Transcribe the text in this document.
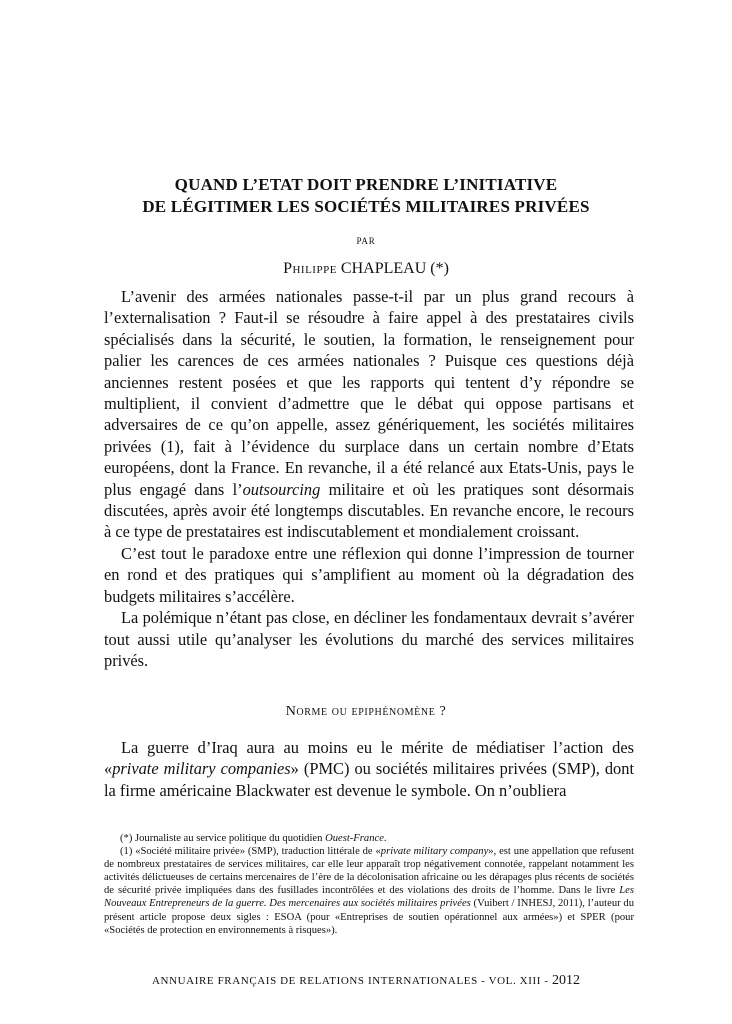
QUAND L’ETAT DOIT PRENDRE L’INITIATIVE
DE LÉGITIMER LES SOCIÉTÉS MILITAIRES PRIVÉES
PAR
Philippe CHAPLEAU (*)

L’avenir des armées nationales passe-t-il par un plus grand recours à l’externalisation ? Faut-il se résoudre à faire appel à des prestataires civils spécialisés dans la sécurité, le soutien, la formation, le renseignement pour palier les carences de ces armées nationales ? Puisque ces questions déjà anciennes restent posées et que les rapports qui tentent d’y répondre se multiplient, il convient d’admettre que le débat qui oppose partisans et adversaires de ce qu’on appelle, assez génériquement, les sociétés militaires privées (1), fait à l’évidence du surplace dans un certain nombre d’Etats européens, dont la France. En revanche, il a été relancé aux Etats-Unis, pays le plus engagé dans l’outsourcing militaire et où les pratiques sont désormais discutées, après avoir été longtemps discutables. En revanche encore, le recours à ce type de prestataires est indiscutablement et mondialement croissant.

C’est tout le paradoxe entre une réflexion qui donne l’impression de tourner en rond et des pratiques qui s’amplifient au moment où la dégradation des budgets militaires s’accélère.

La polémique n’étant pas close, en décliner les fondamentaux devrait s’avérer tout aussi utile qu’analyser les évolutions du marché des services militaires privés.

Norme ou epiphénomène ?

La guerre d’Iraq aura au moins eu le mérite de médiatiser l’action des «private military companies» (PMC) ou sociétés militaires privées (SMP), dont la firme américaine Blackwater est devenue le symbole. On n’oubliera

(*) Journaliste au service politique du quotidien Ouest-France.

(1) «Société militaire privée» (SMP), traduction littérale de «private military company», est une appellation que refusent de nombreux prestataires de services militaires, car elle leur apparaît trop négativement connotée, rappelant notamment les activités délictueuses de certains mercenaires de l’ère de la décolonisation africaine ou les dérapages plus récents de sociétés de sécurité privée impliquées dans des fusillades incontrôlées et des violations des droits de l’homme. Dans le livre Les Nouveaux Entrepreneurs de la guerre. Des mercenaires aux sociétés militaires privées (Vuibert / INHESJ, 2011), l’auteur du présent article propose deux sigles : ESOA (pour «Entreprises de soutien opérationnel aux armées») et SPER (pour «Sociétés de protection en environnements à risques»).

ANNUAIRE FRANÇAIS DE RELATIONS INTERNATIONALES - VOL. XIII - 2012
